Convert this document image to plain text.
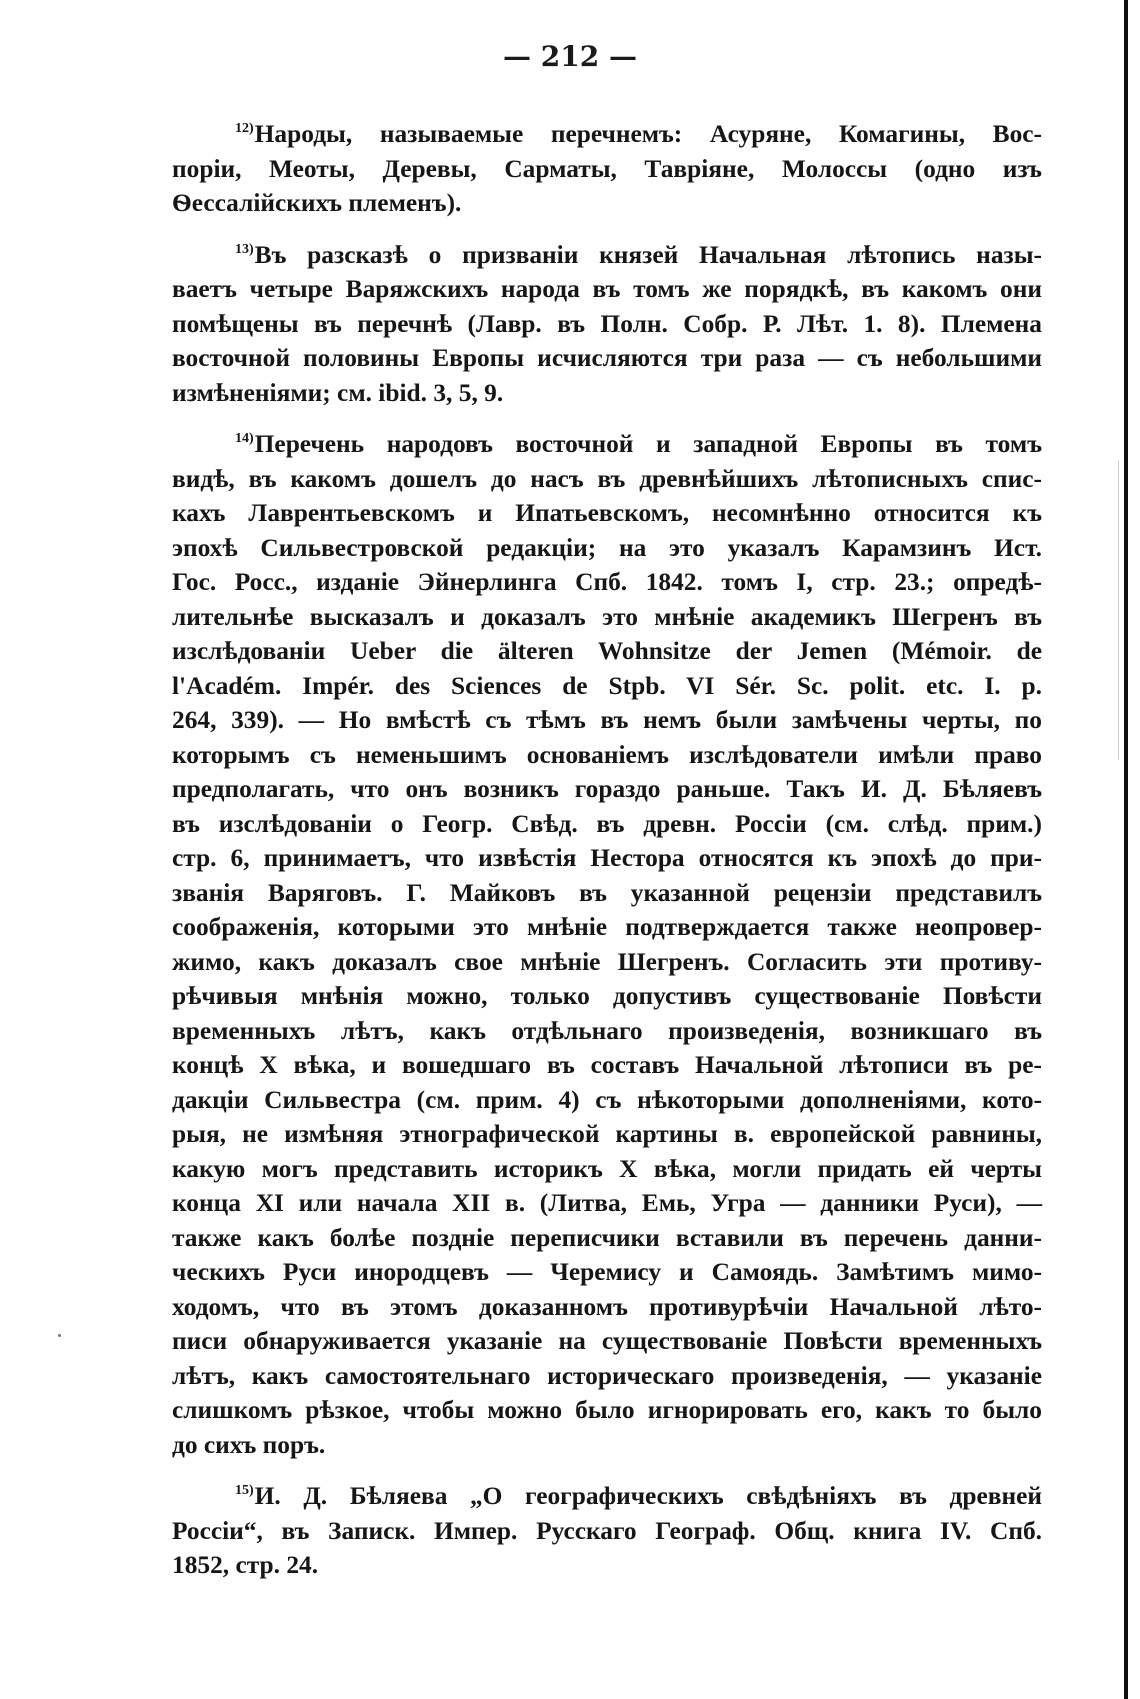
— 212 —
$^{12)}$Народы, называемые перечнемъ: Асуряне, Комагины, Вос-
поріи, Меоты, Деревы, Сарматы, Тавріяне, Молоссы (одно изъ
Ѳессалійскихъ племенъ).
$^{13)}$Въ разсказѣ о призваніи князей Начальная лѣтопись назы-
ваетъ четыре Варяжскихъ народа въ томъ же порядкѣ, въ какомъ они
помѣщены въ перечнѣ (Лавр. въ Полн. Собр. Р. Лѣт. 1. 8). Племена
восточной половины Европы исчисляются три раза — съ небольшими
измѣненіями; см. ibid. 3, 5, 9.
$^{14)}$Перечень народовъ восточной и западной Европы въ томъ
видѣ, въ какомъ дошелъ до насъ въ древнѣйшихъ лѣтописныхъ спис-
кахъ Лаврентьевскомъ и Ипатьевскомъ, несомнѣнно относится къ
эпохѣ Сильвестровской редакціи; на это указалъ Карамзинъ Ист.
Гос. Росс., изданіе Эйнерлинга Спб. 1842. томъ I, стр. 23.; опредѣ-
лительнѣе высказалъ и доказалъ это мнѣніе академикъ Шегренъ въ
изслѣдованіи Ueber die älteren Wohnsitze der Jemen (Mémoir. de
l'Académ. Impér. des Sciences de Stpb. VI Sér. Sc. polit. etc. I. p.
264, 339). — Но вмѣстѣ съ тѣмъ въ немъ были замѣчены черты, по
которымъ съ неменьшимъ основаніемъ изслѣдователи имѣли право
предполагать, что онъ возникъ гораздо раньше. Такъ И. Д. Бѣляевъ
въ изслѣдованіи о Геогр. Свѣд. въ древн. Россіи (см. слѣд. прим.)
стр. 6, принимаетъ, что извѣстія Нестора относятся къ эпохѣ до при-
званія Варяговъ. Г. Майковъ въ указанной рецензіи представилъ
соображенія, которыми это мнѣніе подтверждается также неопровер-
жимо, какъ доказалъ свое мнѣніе Шегренъ. Согласить эти противу-
рѣчивыя мнѣнія можно, только допустивъ существованіе Повѣсти
временныхъ лѣтъ, какъ отдѣльнаго произведенія, возникшаго въ
концѣ X вѣка, и вошедшаго въ составъ Начальной лѣтописи въ ре-
дакціи Сильвестра (см. прим. 4) съ нѣкоторыми дополненіями, кото-
рыя, не измѣняя этнографической картины в. европейской равнины,
какую могъ представить историкъ X вѣка, могли придать ей черты
конца XI или начала XII в. (Литва, Емь, Угра — данники Руси), —
также какъ болѣе поздніе переписчики вставили въ перечень данни-
ческихъ Руси инородцевъ — Черемису и Самоядь. Замѣтимъ мимо-
ходомъ, что въ этомъ доказанномъ противурѣчіи Начальной лѣто-
писи обнаруживается указаніе на существованіе Повѣсти временныхъ
лѣтъ, какъ самостоятельнаго историческаго произведенія, — указаніе
слишкомъ рѣзкое, чтобы можно было игнорировать его, какъ то было
до сихъ поръ.
$^{15)}$И. Д. Бѣляева „О географическихъ свѣдѣніяхъ въ древней
Россіи“, въ Записк. Импер. Русскаго Географ. Общ. книга IV. Спб.
1852, стр. 24.
